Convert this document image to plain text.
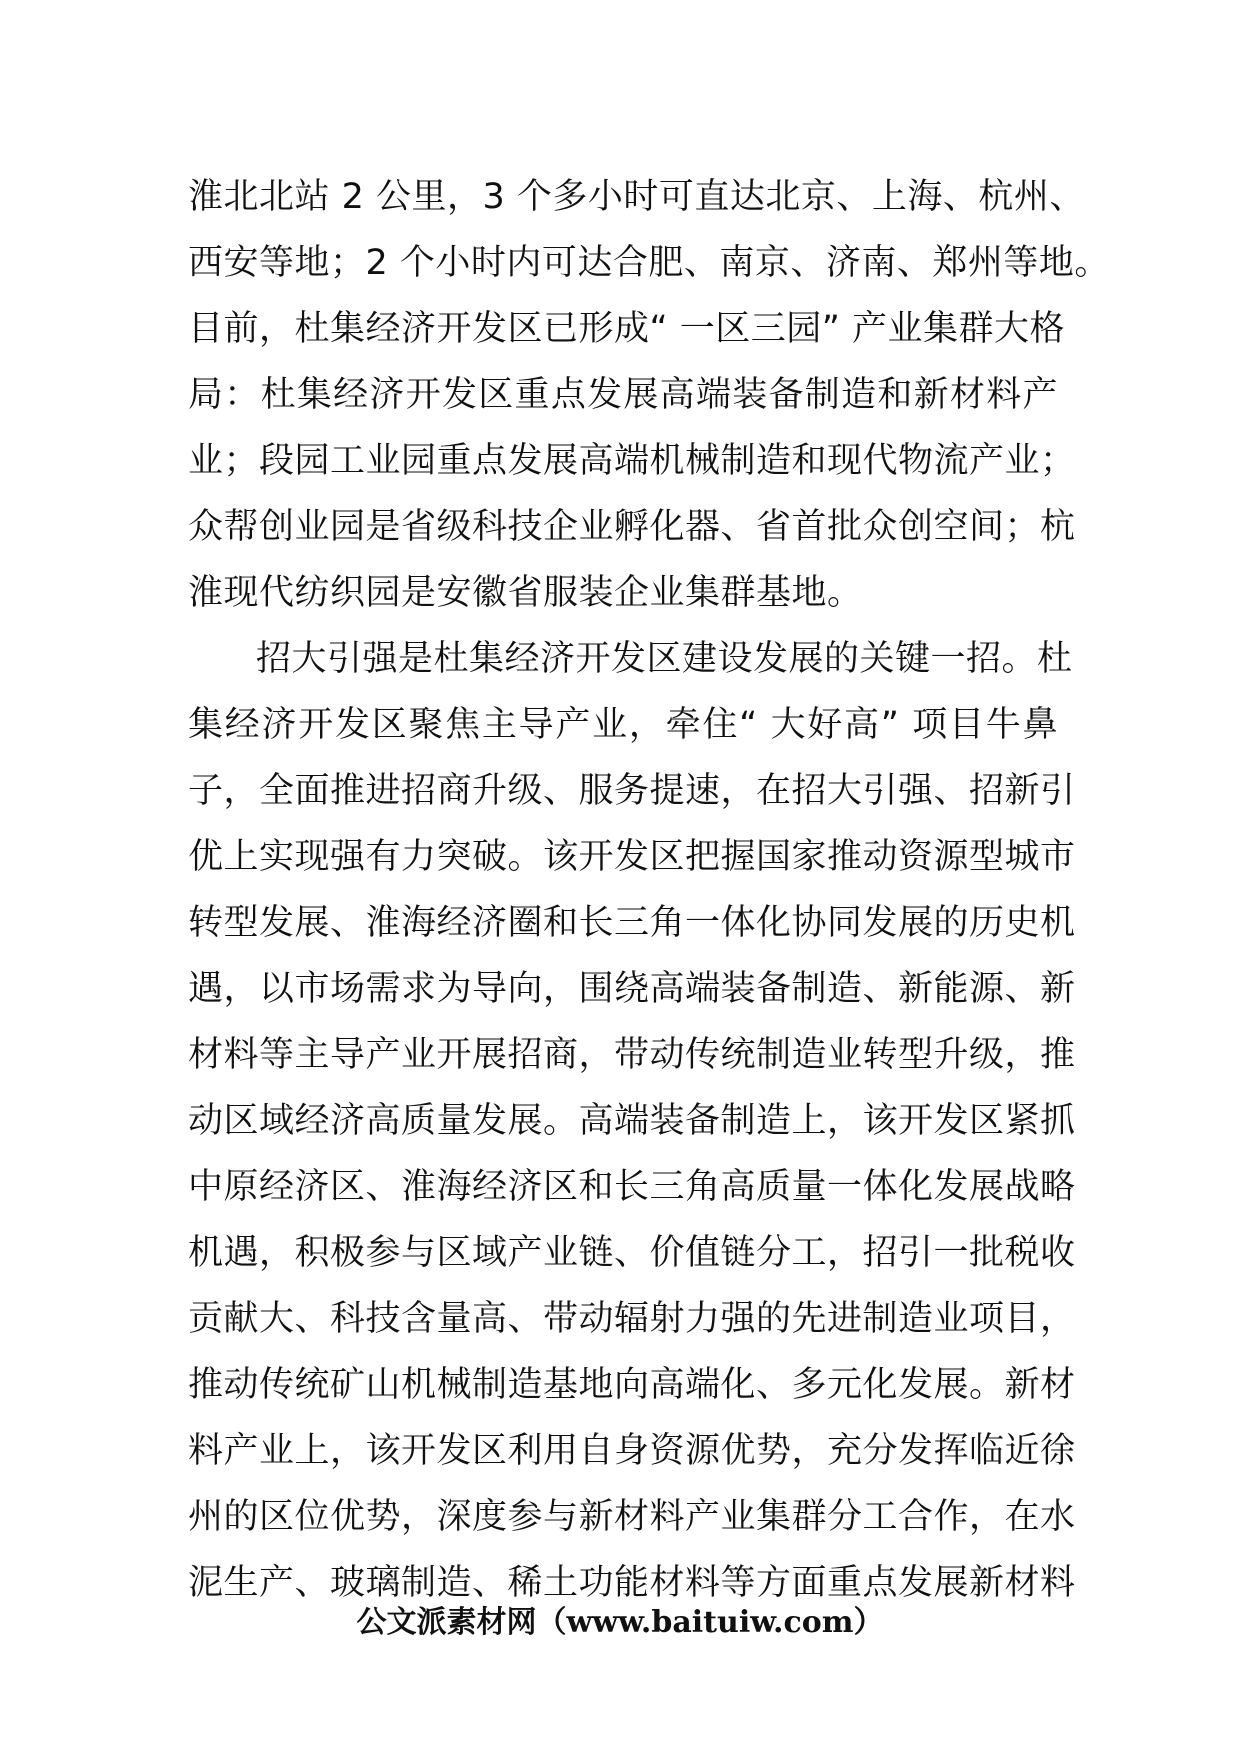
淮北北站 2 公里，3 个多小时可直达北京、上海、杭州、
西安等地；2 个小时内可达合肥、南京、济南、郑州等地。
目前，杜集经济开发区已形成“ 一区三园” 产业集群大格
局：杜集经济开发区重点发展高端装备制造和新材料产
业；段园工业园重点发展高端机械制造和现代物流产业；
众帮创业园是省级科技企业孵化器、省首批众创空间；杭
淮现代纺织园是安徽省服装企业集群基地。
招大引强是杜集经济开发区建设发展的关键一招。杜
集经济开发区聚焦主导产业，牵住“ 大好高” 项目牛鼻
子，全面推进招商升级、服务提速，在招大引强、招新引
优上实现强有力突破。该开发区把握国家推动资源型城市
转型发展、淮海经济圈和长三角一体化协同发展的历史机
遇，以市场需求为导向，围绕高端装备制造、新能源、新
材料等主导产业开展招商，带动传统制造业转型升级，推
动区域经济高质量发展。高端装备制造上，该开发区紧抓
中原经济区、淮海经济区和长三角高质量一体化发展战略
机遇，积极参与区域产业链、价值链分工，招引一批税收
贡献大、科技含量高、带动辐射力强的先进制造业项目，
推动传统矿山机械制造基地向高端化、多元化发展。新材
料产业上，该开发区利用自身资源优势，充分发挥临近徐
州的区位优势，深度参与新材料产业集群分工合作，在水
泥生产、玻璃制造、稀土功能材料等方面重点发展新材料
公文派素材网（www.baituiw.com）
